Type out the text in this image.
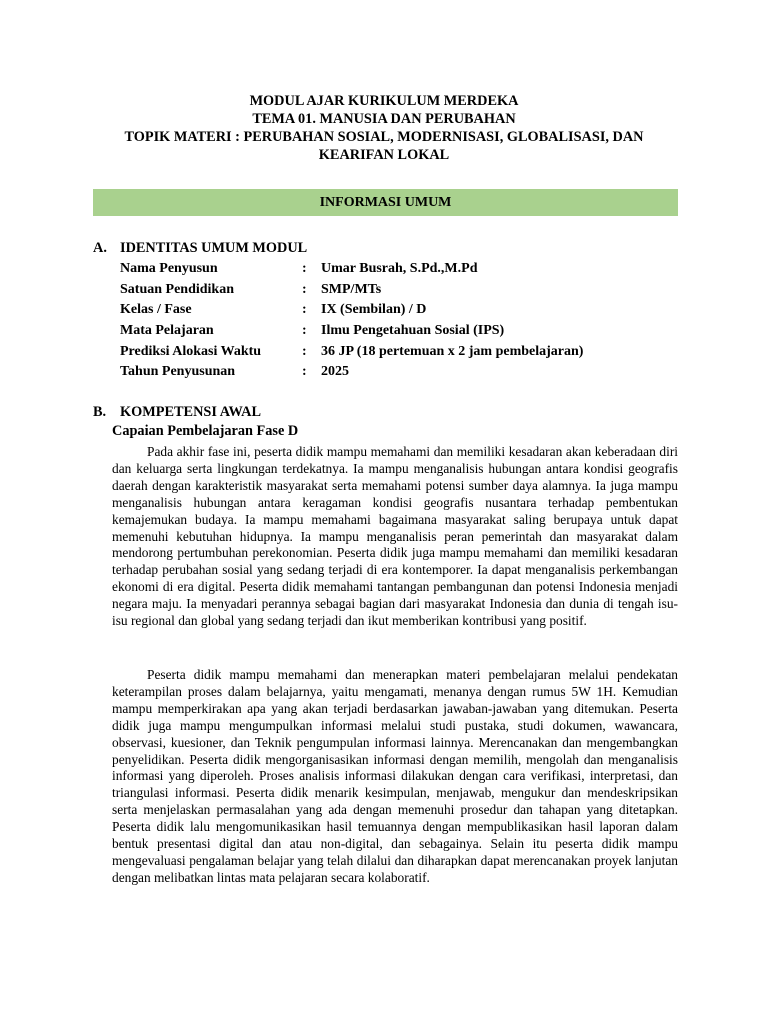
MODUL AJAR KURIKULUM MERDEKA
TEMA 01. MANUSIA DAN PERUBAHAN
TOPIK MATERI : PERUBAHAN SOSIAL, MODERNISASI, GLOBALISASI, DAN KEARIFAN LOKAL
INFORMASI UMUM
A. IDENTITAS UMUM MODUL
Nama Penyusun	:	Umar Busrah, S.Pd.,M.Pd
Satuan Pendidikan	:	SMP/MTs
Kelas / Fase	:	IX (Sembilan) / D
Mata Pelajaran	:	Ilmu Pengetahuan Sosial (IPS)
Prediksi Alokasi Waktu	:	36 JP (18 pertemuan x 2 jam pembelajaran)
Tahun Penyusunan	:	2025
B. KOMPETENSI AWAL
Capaian Pembelajaran Fase D

Pada akhir fase ini, peserta didik mampu memahami dan memiliki kesadaran akan keberadaan diri dan keluarga serta lingkungan terdekatnya. Ia mampu menganalisis hubungan antara kondisi geografis daerah dengan karakteristik masyarakat serta memahami potensi sumber daya alamnya. Ia juga mampu menganalisis hubungan antara keragaman kondisi geografis nusantara terhadap pembentukan kemajemukan budaya. Ia mampu memahami bagaimana masyarakat saling berupaya untuk dapat memenuhi kebutuhan hidupnya. Ia mampu menganalisis peran pemerintah dan masyarakat dalam mendorong pertumbuhan perekonomian. Peserta didik juga mampu memahami dan memiliki kesadaran terhadap perubahan sosial yang sedang terjadi di era kontemporer. Ia dapat menganalisis perkembangan ekonomi di era digital. Peserta didik memahami tantangan pembangunan dan potensi Indonesia menjadi negara maju. Ia menyadari perannya sebagai bagian dari masyarakat Indonesia dan dunia di tengah isu-isu regional dan global yang sedang terjadi dan ikut memberikan kontribusi yang positif.

Peserta didik mampu memahami dan menerapkan materi pembelajaran melalui pendekatan keterampilan proses dalam belajarnya, yaitu mengamati, menanya dengan rumus 5W 1H. Kemudian mampu memperkirakan apa yang akan terjadi berdasarkan jawaban-jawaban yang ditemukan. Peserta didik juga mampu mengumpulkan informasi melalui studi pustaka, studi dokumen, wawancara, observasi, kuesioner, dan Teknik pengumpulan informasi lainnya. Merencanakan dan mengembangkan penyelidikan. Peserta didik mengorganisasikan informasi dengan memilih, mengolah dan menganalisis informasi yang diperoleh. Proses analisis informasi dilakukan dengan cara verifikasi, interpretasi, dan triangulasi informasi. Peserta didik menarik kesimpulan, menjawab, mengukur dan mendeskripsikan serta menjelaskan permasalahan yang ada dengan memenuhi prosedur dan tahapan yang ditetapkan. Peserta didik lalu mengomunikasikan hasil temuannya dengan mempublikasikan hasil laporan dalam bentuk presentasi digital dan atau non-digital, dan sebagainya. Selain itu peserta didik mampu mengevaluasi pengalaman belajar yang telah dilalui dan diharapkan dapat merencanakan proyek lanjutan dengan melibatkan lintas mata pelajaran secara kolaboratif.
